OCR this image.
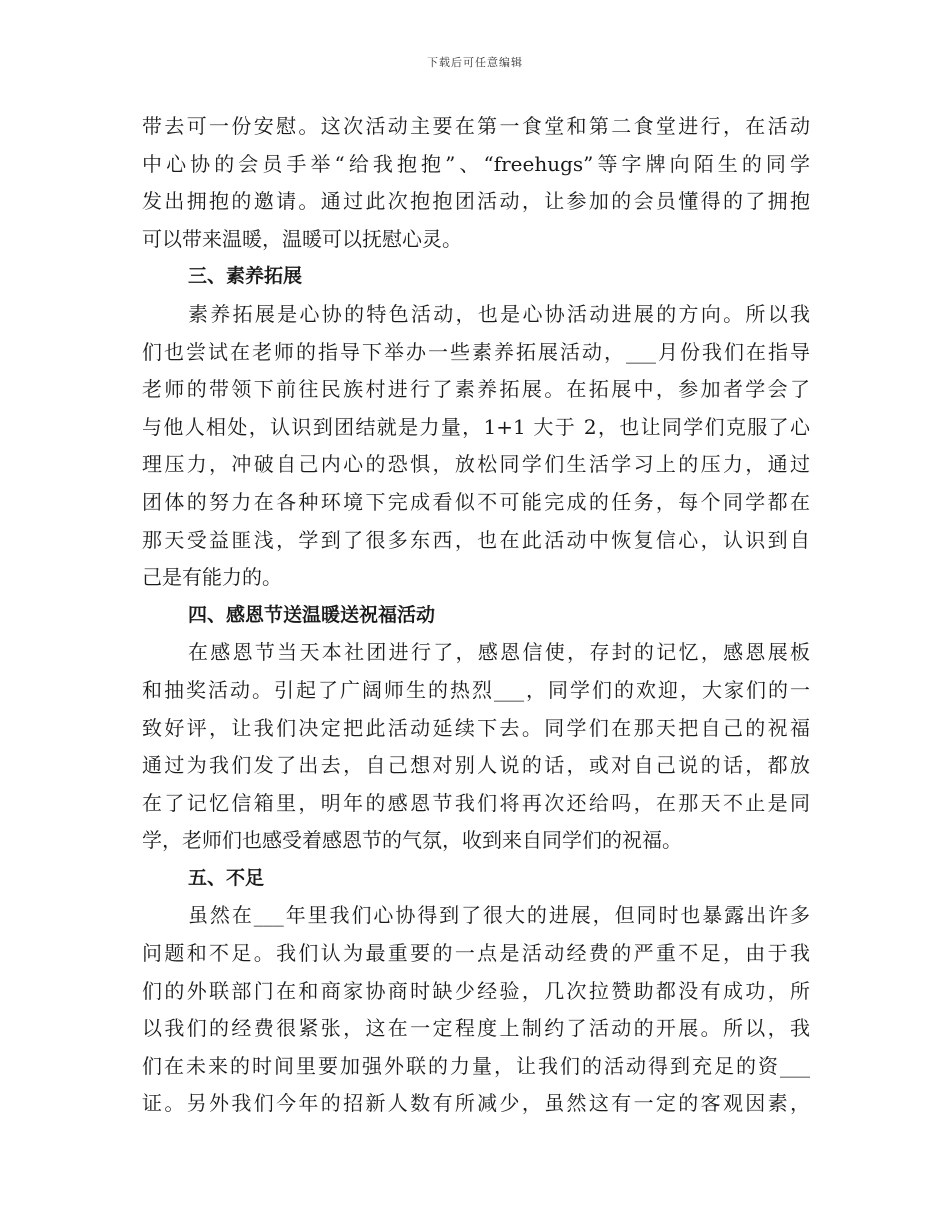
下载后可任意编辑
带去可一份安慰。这次活动主要在第一食堂和第二食堂进行，在活动
中心协的会员手举“给我抱抱”、“freehugs”等字牌向陌生的同学
发出拥抱的邀请。通过此次抱抱团活动，让参加的会员懂得的了拥抱
可以带来温暖，温暖可以抚慰心灵。
三、素养拓展
素养拓展是心协的特色活动，也是心协活动进展的方向。所以我
们也尝试在老师的指导下举办一些素养拓展活动，___月份我们在指导
老师的带领下前往民族村进行了素养拓展。在拓展中，参加者学会了
与他人相处，认识到团结就是力量，1+1 大于 2，也让同学们克服了心
理压力，冲破自己内心的恐惧，放松同学们生活学习上的压力，通过
团体的努力在各种环境下完成看似不可能完成的任务，每个同学都在
那天受益匪浅，学到了很多东西，也在此活动中恢复信心，认识到自
己是有能力的。
四、感恩节送温暖送祝福活动
在感恩节当天本社团进行了，感恩信使，存封的记忆，感恩展板
和抽奖活动。引起了广阔师生的热烈___，同学们的欢迎，大家们的一
致好评，让我们决定把此活动延续下去。同学们在那天把自己的祝福
通过为我们发了出去，自己想对别人说的话，或对自己说的话，都放
在了记忆信箱里，明年的感恩节我们将再次还给吗，在那天不止是同
学，老师们也感受着感恩节的气氛，收到来自同学们的祝福。
五、不足
虽然在___年里我们心协得到了很大的进展，但同时也暴露出许多
问题和不足。我们认为最重要的一点是活动经费的严重不足，由于我
们的外联部门在和商家协商时缺少经验，几次拉赞助都没有成功，所
以我们的经费很紧张，这在一定程度上制约了活动的开展。所以，我
们在未来的时间里要加强外联的力量，让我们的活动得到充足的资___
证。另外我们今年的招新人数有所减少，虽然这有一定的客观因素，
